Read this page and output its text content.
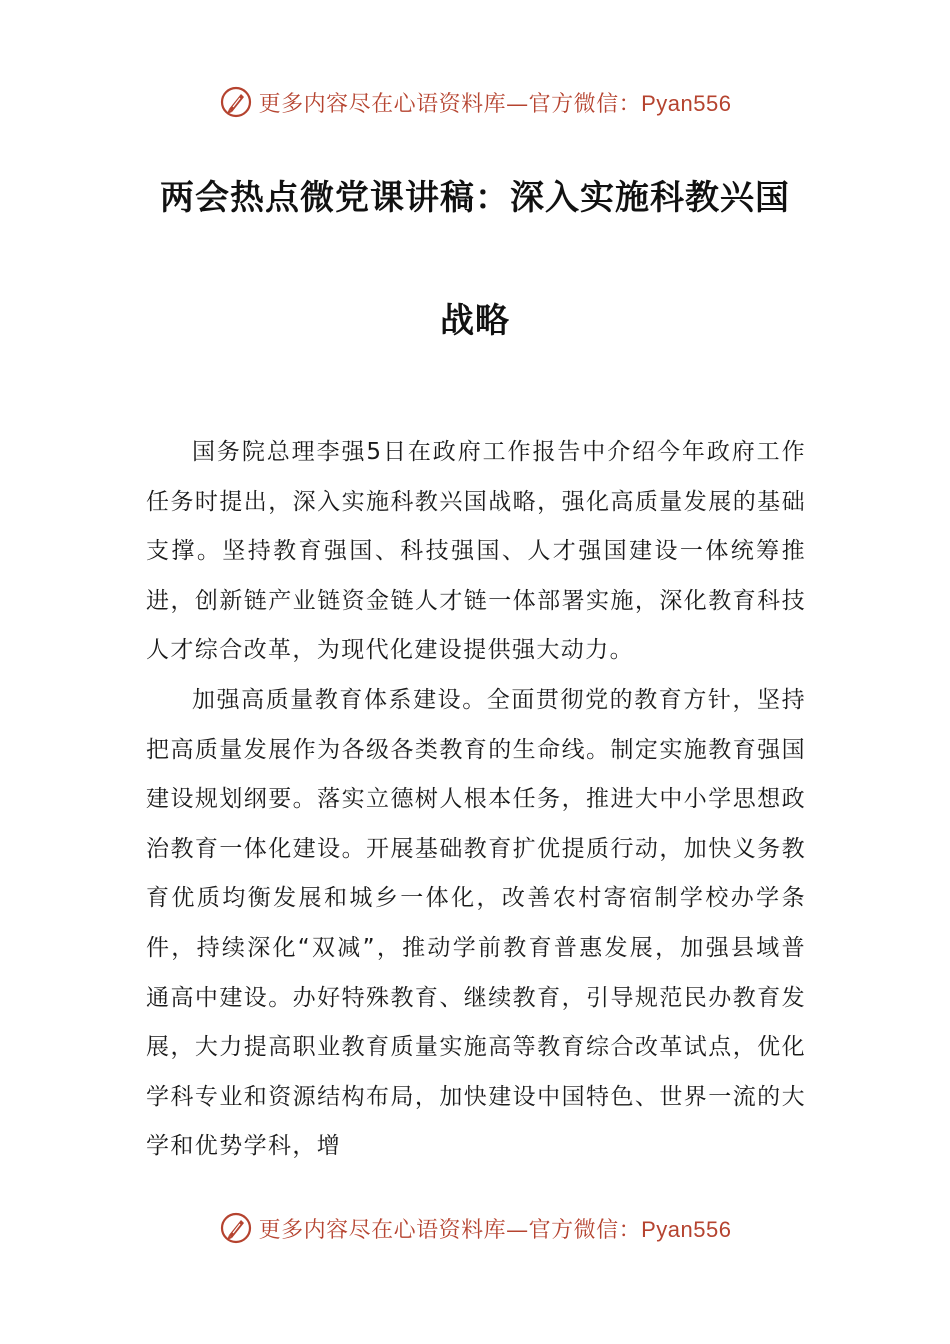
更多内容尽在心语资料库—官方微信：Pyan556
两会热点微党课讲稿：深入实施科教兴国
战略

国务院总理李强5日在政府工作报告中介绍今年政府工作任务时提出，深入实施科教兴国战略，强化高质量发展的基础支撑。坚持教育强国、科技强国、人才强国建设一体统筹推进，创新链产业链资金链人才链一体部署实施，深化教育科技人才综合改革，为现代化建设提供强大动力。

加强高质量教育体系建设。全面贯彻党的教育方针，坚持把高质量发展作为各级各类教育的生命线。制定实施教育强国建设规划纲要。落实立德树人根本任务，推进大中小学思想政治教育一体化建设。开展基础教育扩优提质行动，加快义务教育优质均衡发展和城乡一体化，改善农村寄宿制学校办学条件，持续深化“双减”，推动学前教育普惠发展，加强县域普通高中建设。办好特殊教育、继续教育，引导规范民办教育发展，大力提高职业教育质量实施高等教育综合改革试点，优化学科专业和资源结构布局，加快建设中国特色、世界一流的大学和优势学科，增

更多内容尽在心语资料库—官方微信：Pyan556
